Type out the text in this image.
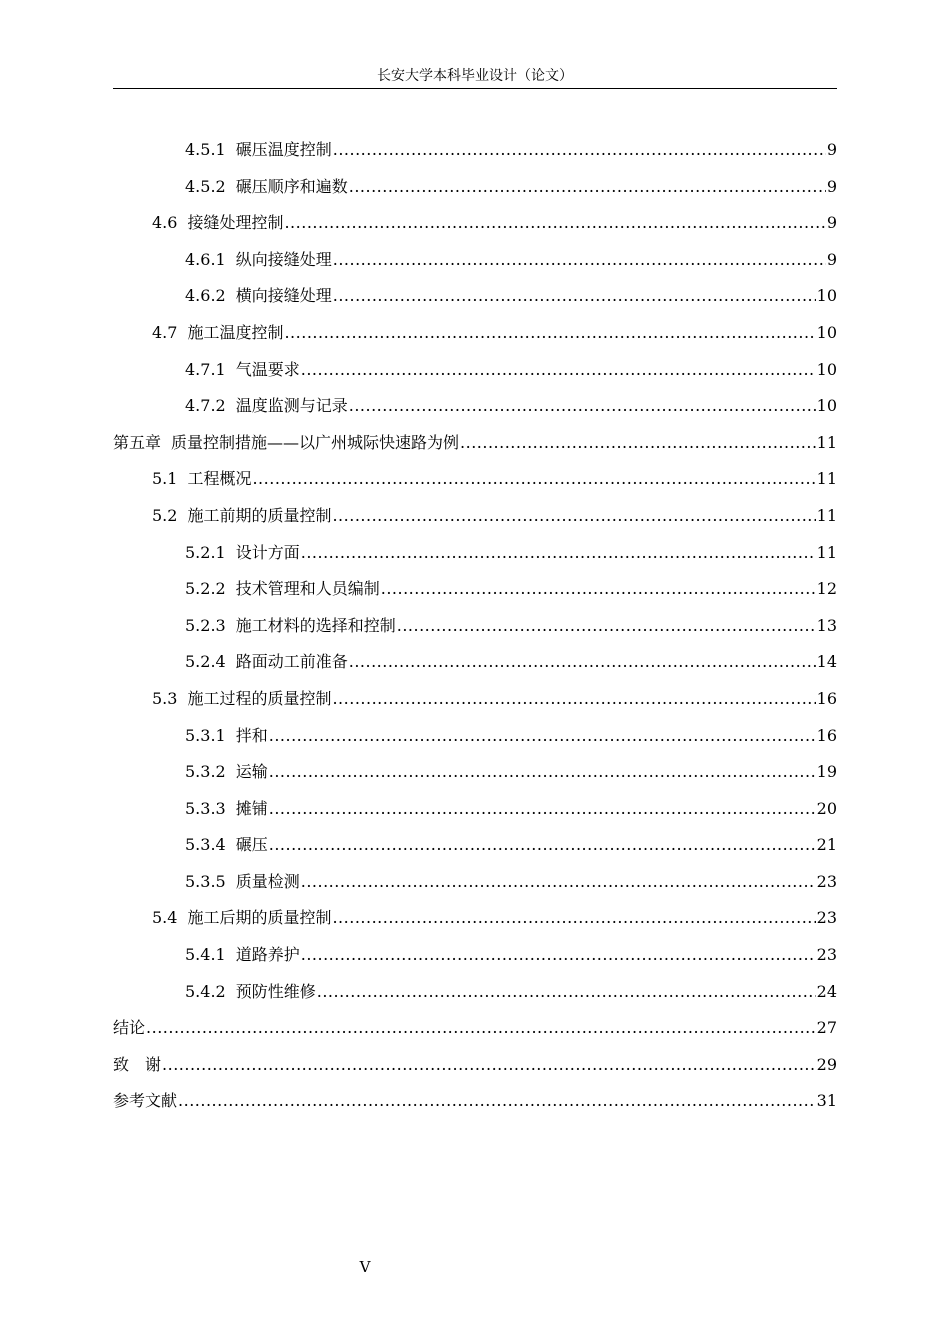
长安大学本科毕业设计（论文）
4.5.1 碾压温度控制 .....	9
4.5.2 碾压顺序和遍数 .....	9
4.6 接缝处理控制 .....	9
4.6.1 纵向接缝处理 .....	9
4.6.2 横向接缝处理 .....	10
4.7 施工温度控制 .....	10
4.7.1 气温要求 .....	10
4.7.2 温度监测与记录 .....	10
第五章 质量控制措施——以广州城际快速路为例 .....	11
5.1 工程概况 .....	11
5.2 施工前期的质量控制 .....	11
5.2.1 设计方面 .....	11
5.2.2 技术管理和人员编制 .....	12
5.2.3 施工材料的选择和控制 .....	13
5.2.4 路面动工前准备 .....	14
5.3 施工过程的质量控制 .....	16
5.3.1 拌和 .....	16
5.3.2 运输 .....	19
5.3.3 摊铺 .....	20
5.3.4 碾压 .....	21
5.3.5 质量检测 .....	23
5.4 施工后期的质量控制 .....	23
5.4.1 道路养护 .....	23
5.4.2 预防性维修 .....	24
结论 .....	27
致　谢 .....	29
参考文献 .....	31
V
